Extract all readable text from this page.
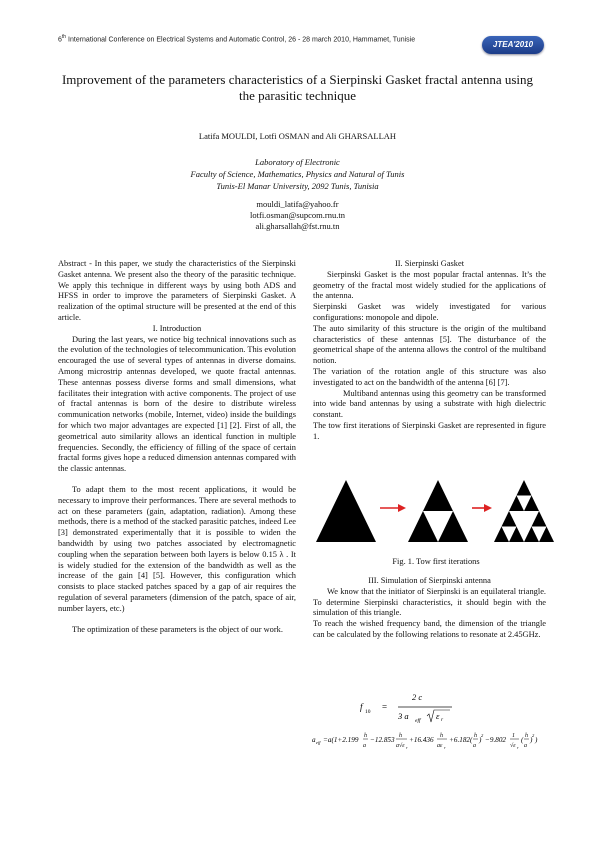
6th International Conference on Electrical Systems and Automatic Control, 26 - 28 march 2010, Hammamet, Tunisie
JTEA'2010
Improvement of the parameters characteristics of a Sierpinski Gasket fractal antenna using the parasitic technique
Latifa MOULDI, Lotfi OSMAN and Ali GHARSALLAH
Laboratory of Electronic
Faculty of Science, Mathematics, Physics and Natural of Tunis
Tunis-El Manar University, 2092 Tunis, Tunisia
mouldi_latifa@yahoo.fr
lotfi.osman@supcom.rnu.tn
ali.gharsallah@fst.rnu.tn

Abstract - In this paper, we study the characteristics of the Sierpinski Gasket antenna. We present also the theory of the parasitic technique. We apply this technique in different ways by using both ADS and HFSS in order to improve the parameters of Sierpinski Gasket. A realization of the optimal structure will be presented at the end of this article.

I. Introduction

During the last years, we notice big technical innovations such as the evolution of the technologies of telecommunication. This evolution encouraged the use of several types of antennas in diverse domains. Among microstrip antennas developed, we quote fractal antennas. These antennas possess diverse forms and small dimensions, what facilitates their integration with active components. The project of use of fractal antennas is born of the desire to distribute wireless communication networks (mobile, Internet, video) inside the buildings for which two major advantages are expected [1] [2]. First of all, the geometrical auto similarity allows an identical function in multiple frequencies. Secondly, the efficiency of filling of the space of certain fractal forms gives hope a reduced dimension antennas compared with the classic antennas.

To adapt them to the most recent applications, it would be necessary to improve their performances. There are several methods to act on these parameters (gain, adaptation, radiation). Among these methods, there is a method of the stacked parasitic patches, indeed Lee [3] demonstrated experimentally that it is possible to widen the bandwidth by using two patches associated by electromagnetic coupling when the separation between both layers is below 0.15 λ . It is widely studied for the extension of the bandwidth as well as the increase of the gain [4] [5]. However, this configuration which consists to place stacked patches spaced by a gap of air requires the regulation of several parameters (dimension of the patch, space of air, number layers, etc.)

The optimization of these parameters is the object of our work.

II. Sierpinski Gasket

Sierpinski Gasket is the most popular fractal antennas. It’s the geometry of the fractal most widely studied for the applications of the antenna.

Sierpinski Gasket was widely investigated for various configurations: monopole and dipole.

The auto similarity of this structure is the origin of the multiband characteristics of these antennas [5]. The disturbance of the geometrical shape of the antenna allows the control of the multiband notion.

The variation of the rotation angle of this structure was also investigated to act on the bandwidth of the antenna [6] [7].

Multiband antennas using this geometry can be transformed into wide band antennas by using a substrate with high dielectric constant.

The tow first iterations of Sierpinski Gasket are represented in figure 1.

Fig. 1. Tow first iterations

III. Simulation of Sierpinski antenna

We know that the initiator of Sierpinski is an equilateral triangle. To determine Sierpinski characteristics, it should begin with the simulation of this triangle.

To reach the wished frequency band, the dimension of the triangle can be calculated by the following relations to resonate at 2.45GHz.

f 10 =
2 c
3 a eff ε r
a eff =a(1+2.199 h
a
−12.853 h
a√ε r
+16.436 h
aε r
+6.182( h
a
)
2
−9.802 1
√ε r
( h
a
)
2
)
